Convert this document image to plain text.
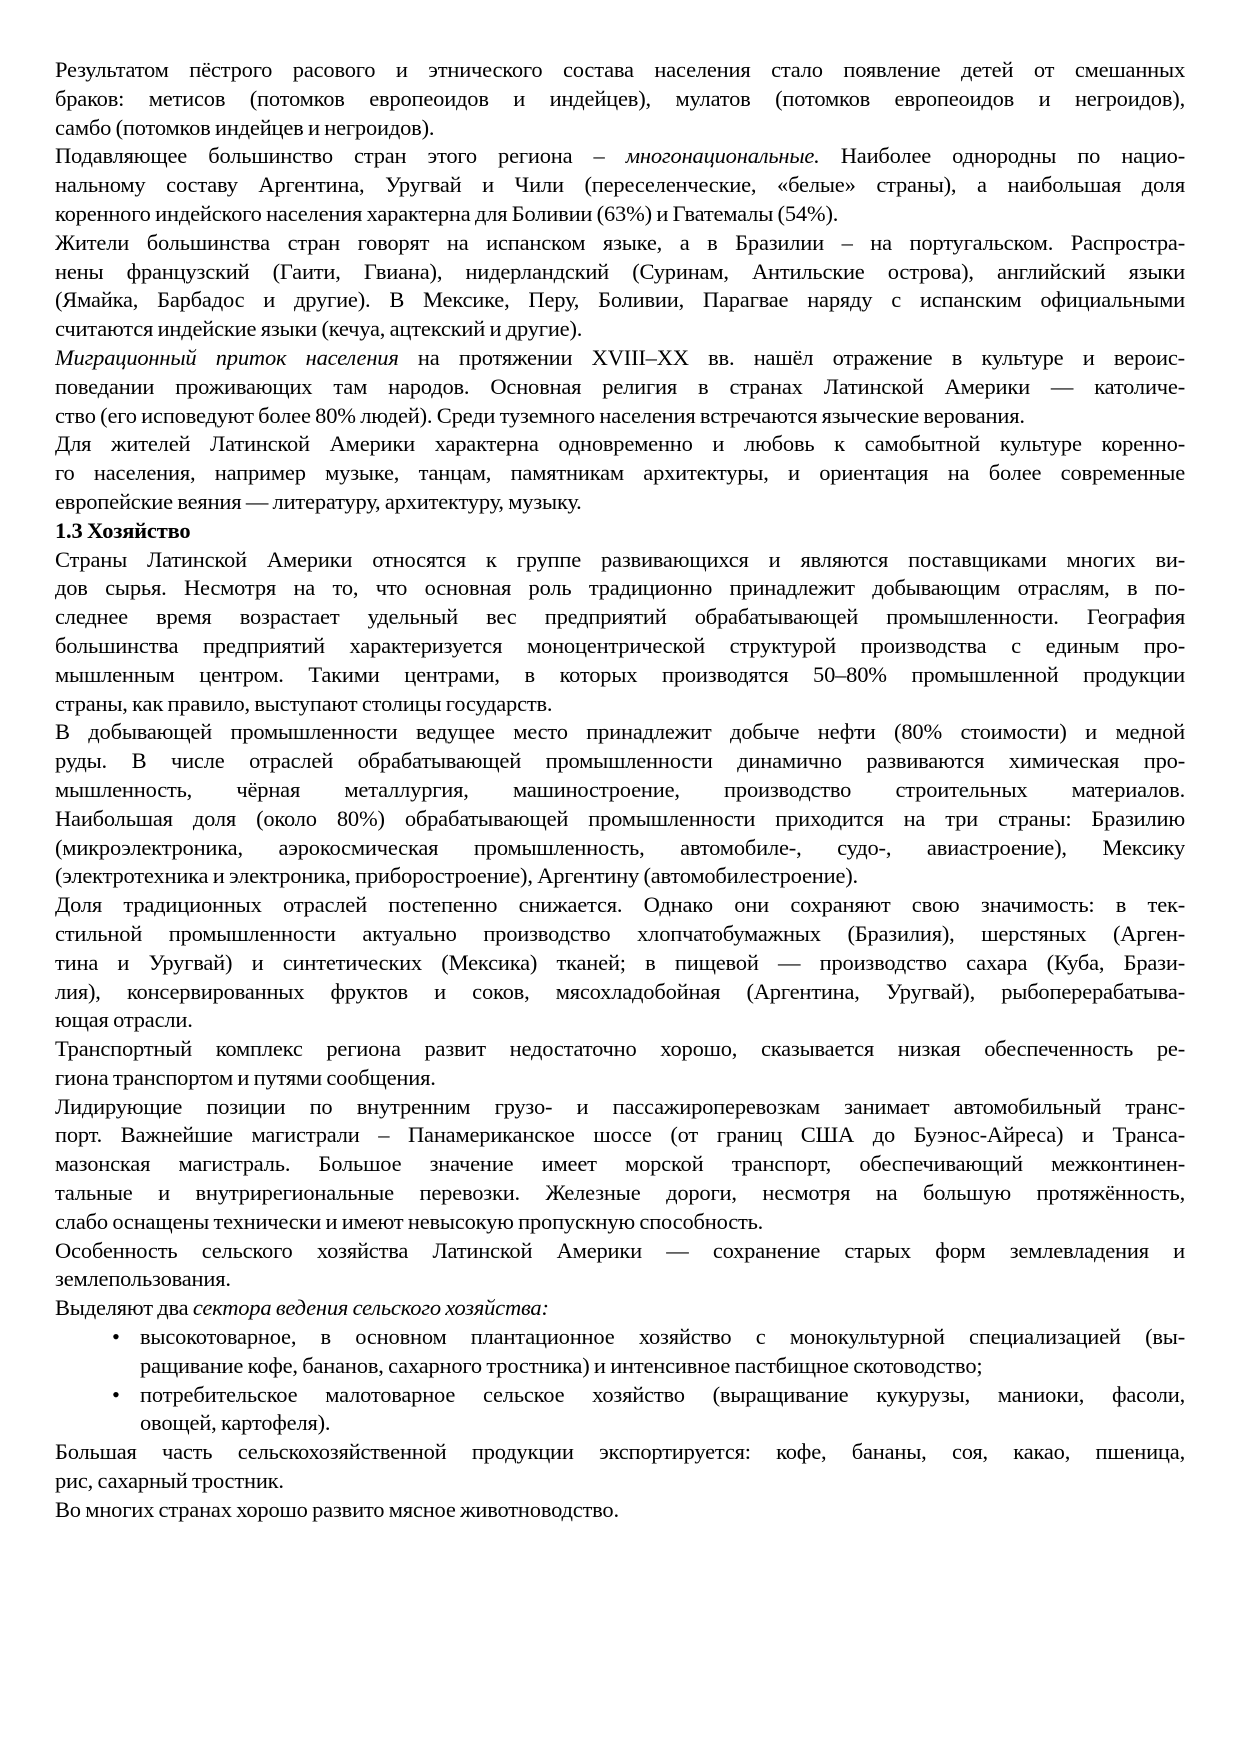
Результатом пёстрого расового и этнического состава населения стало появление детей от смешанных
браков: метисов (потомков европеоидов и индейцев), мулатов (потомков европеоидов и негроидов),
самбо (потомков индейцев и негроидов).
Подавляющее большинство стран этого региона – многонациональные. Наиболее однородны по нацио-
нальному составу Аргентина, Уругвай и Чили (переселенческие, «белые» страны), а наибольшая доля
коренного индейского населения характерна для Боливии (63%) и Гватемалы (54%).
Жители большинства стран говорят на испанском языке, а в Бразилии – на португальском. Распростра-
нены французский (Гаити, Гвиана), нидерландский (Суринам, Антильские острова), английский языки
(Ямайка, Барбадос и другие). В Мексике, Перу, Боливии, Парагвае наряду с испанским официальными
считаются индейские языки (кечуа, ацтекский и другие).
Миграционный приток населения на протяжении XVIII–XX вв. нашёл отражение в культуре и вероис-
поведании проживающих там народов. Основная религия в странах Латинской Америки — католиче-
ство (его исповедуют более 80% людей). Среди туземного населения встречаются языческие верования.
Для жителей Латинской Америки характерна одновременно и любовь к самобытной культуре коренно-
го населения, например музыке, танцам, памятникам архитектуры, и ориентация на более современные
европейские веяния — литературу, архитектуру, музыку.
1.3 Хозяйство
Страны Латинской Америки относятся к группе развивающихся и являются поставщиками многих ви-
дов сырья. Несмотря на то, что основная роль традиционно принадлежит добывающим отраслям, в по-
следнее время возрастает удельный вес предприятий обрабатывающей промышленности. География
большинства предприятий характеризуется моноцентрической структурой производства с единым про-
мышленным центром. Такими центрами, в которых производятся 50–80% промышленной продукции
страны, как правило, выступают столицы государств.
В добывающей промышленности ведущее место принадлежит добыче нефти (80% стоимости) и медной
руды. В числе отраслей обрабатывающей промышленности динамично развиваются химическая про-
мышленность, чёрная металлургия, машиностроение, производство строительных материалов.
Наибольшая доля (около 80%) обрабатывающей промышленности приходится на три страны: Бразилию
(микроэлектроника, аэрокосмическая промышленность, автомобиле-, судо-, авиастроение), Мексику
(электротехника и электроника, приборостроение), Аргентину (автомобилестроение).
Доля традиционных отраслей постепенно снижается. Однако они сохраняют свою значимость: в тек-
стильной промышленности актуально производство хлопчатобумажных (Бразилия), шерстяных (Арген-
тина и Уругвай) и синтетических (Мексика) тканей; в пищевой — производство сахара (Куба, Брази-
лия), консервированных фруктов и соков, мясохладобойная (Аргентина, Уругвай), рыбоперерабатыва-
ющая отрасли.
Транспортный комплекс региона развит недостаточно хорошо, сказывается низкая обеспеченность ре-
гиона транспортом и путями сообщения.
Лидирующие позиции по внутренним грузо- и пассажироперевозкам занимает автомобильный транс-
порт. Важнейшие магистрали – Панамериканское шоссе (от границ США до Буэнос-Айреса) и Транса-
мазонская магистраль. Большое значение имеет морской транспорт, обеспечивающий межконтинен-
тальные и внутрирегиональные перевозки. Железные дороги, несмотря на большую протяжённость,
слабо оснащены технически и имеют невысокую пропускную способность.
Особенность сельского хозяйства Латинской Америки — сохранение старых форм землевладения и
землепользования.
Выделяют два сектора ведения сельского хозяйства:
• высокотоварное, в основном плантационное хозяйство с монокультурной специализацией (вы-
ращивание кофе, бананов, сахарного тростника) и интенсивное пастбищное скотоводство;
• потребительское малотоварное сельское хозяйство (выращивание кукурузы, маниоки, фасоли,
овощей, картофеля).
Большая часть сельскохозяйственной продукции экспортируется: кофе, бананы, соя, какао, пшеница,
рис, сахарный тростник.
Во многих странах хорошо развито мясное животноводство.
